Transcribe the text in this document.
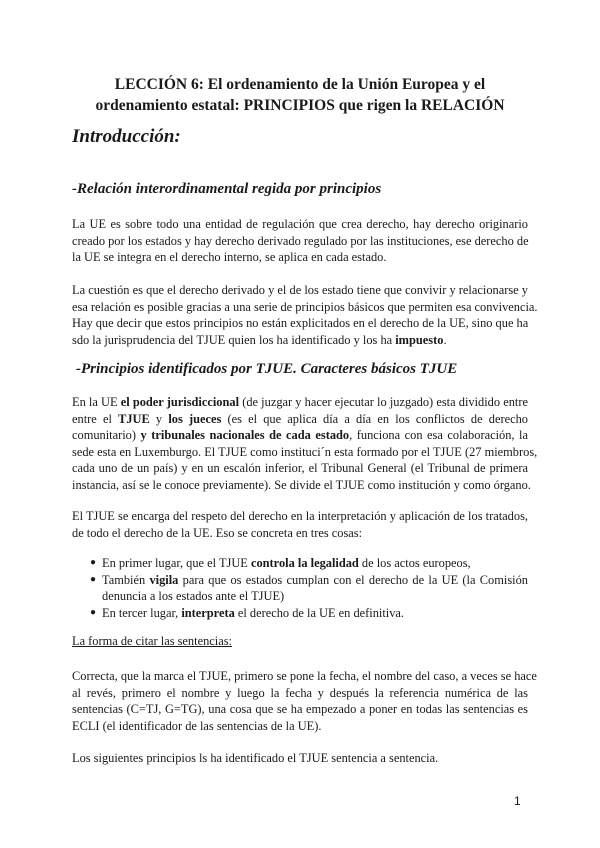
LECCIÓN 6: El ordenamiento de la Unión Europea y el
ordenamiento estatal: PRINCIPIOS que rigen la RELACIÓN
Introducción:
-Relación interordinamental regida por principios
La UE es sobre todo una entidad de regulación que crea derecho, hay derecho originario
creado por los estados y hay derecho derivado regulado por las instituciones, ese derecho de
la UE se integra en el derecho interno, se aplica en cada estado.
La cuestión es que el derecho derivado y el de los estado tiene que convivir y relacionarse y
esa relación es posible gracias a una serie de principios básicos que permiten esa convivencia.
Hay que decir que estos principios no están explicitados en el derecho de la UE, sino que ha
sdo la jurisprudencia del TJUE quien los ha identificado y los ha impuesto.
-Principios identificados por TJUE. Caracteres básicos TJUE
En la UE el poder jurisdiccional (de juzgar y hacer ejecutar lo juzgado) esta dividido entre
entre el TJUE y los jueces (es el que aplica día a día en los conflictos de derecho
comunitario) y tribunales nacionales de cada estado, funciona con esa colaboración, la
sede esta en Luxemburgo. El TJUE como instituci´n esta formado por el TJUE (27 miembros,
cada uno de un país) y en un escalón inferior, el Tribunal General (el Tribunal de primera
instancia, así se le conoce previamente). Se divide el TJUE como institución y como órgano.
El TJUE se encarga del respeto del derecho en la interpretación y aplicación de los tratados,
de todo el derecho de la UE. Eso se concreta en tres cosas:
● En primer lugar, que el TJUE controla la legalidad de los actos europeos,
● También vigila para que os estados cumplan con el derecho de la UE (la Comisión
denuncia a los estados ante el TJUE)
● En tercer lugar, interpreta el derecho de la UE en definitiva.
La forma de citar las sentencias:
Correcta, que la marca el TJUE, primero se pone la fecha, el nombre del caso, a veces se hace
al revés, primero el nombre y luego la fecha y después la referencia numérica de las
sentencias (C=TJ, G=TG), una cosa que se ha empezado a poner en todas las sentencias es
ECLI (el identificador de las sentencias de la UE).
Los siguientes principios ls ha identificado el TJUE sentencia a sentencia.
1
